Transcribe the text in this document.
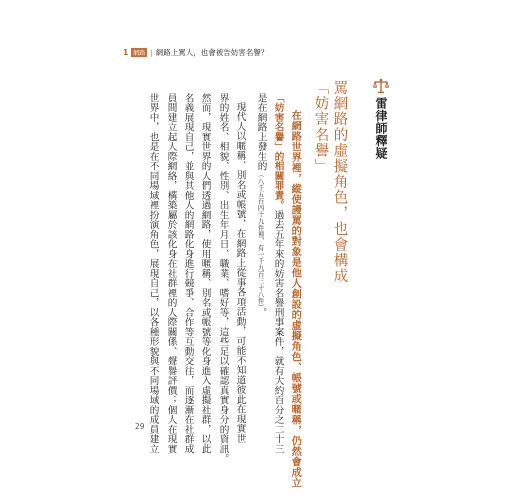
1 網路 | 網路上罵人，也會被告妨害名譽？
雷律師釋疑
罵網路的虛擬角色，也會構成
「妨害名譽」
在網路世界裡，縱使謾罵的對象是他人創設的虛擬角色、帳號或暱稱，仍然會成立
「妨害名譽」的相關罪責。過去五年來的妨害名譽刑事案件，就有大約百分之二十三
是在網路上發生的（八千五百四十九件裡，有一千九百三十八件）。
現代人以暱稱、別名或帳號，在網路上從事各項活動，可能不知道彼此在現實世
界的姓名、相貌、性別、出生年月日、職業、嗜好等，這些足以確認真實身分的資訊。
然而，現實世界的人們透過網路，使用暱稱、別名或帳號等化身進入虛擬社群，以此
名義展現自己，並與其他人的網路化身進行競爭、合作等互動交往，而逐漸在社群成
員間建立起人際網絡，構築屬於該化身在社群裡的人際關係、聲譽評價；個人在現實
世界中，也是在不同場域裡扮演角色，展現自己，以各種形貌與不同場域的成員建立
29
